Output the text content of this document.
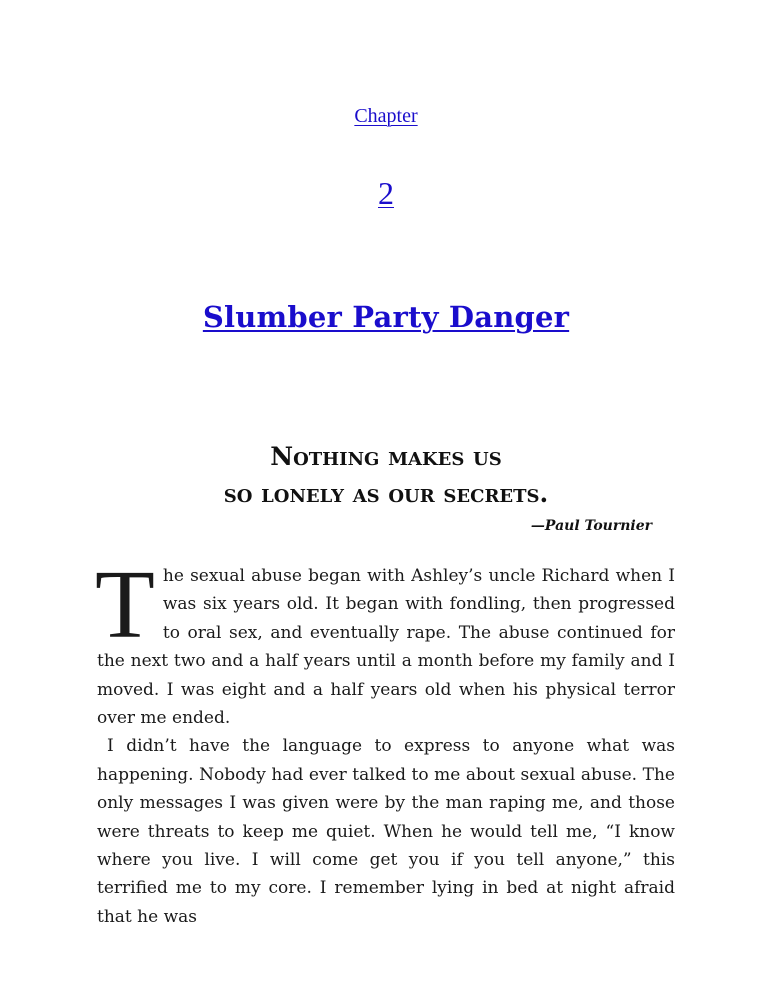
Chapter
2
Slumber Party Danger
Nothing makes us
so lonely as our secrets.
—Paul Tournier

The sexual abuse began with Ashley’s uncle Richard when I was six years old. It began with fondling, then progressed to oral sex, and eventually rape. The abuse continued for the next two and a half years until a month before my family and I moved. I was eight and a half years old when his physical terror over me ended.

I didn’t have the language to express to anyone what was happening. Nobody had ever talked to me about sexual abuse. The only messages I was given were by the man raping me, and those were threats to keep me quiet. When he would tell me, “I know where you live. I will come get you if you tell anyone,” this terrified me to my core. I remember lying in bed at night afraid that he was
